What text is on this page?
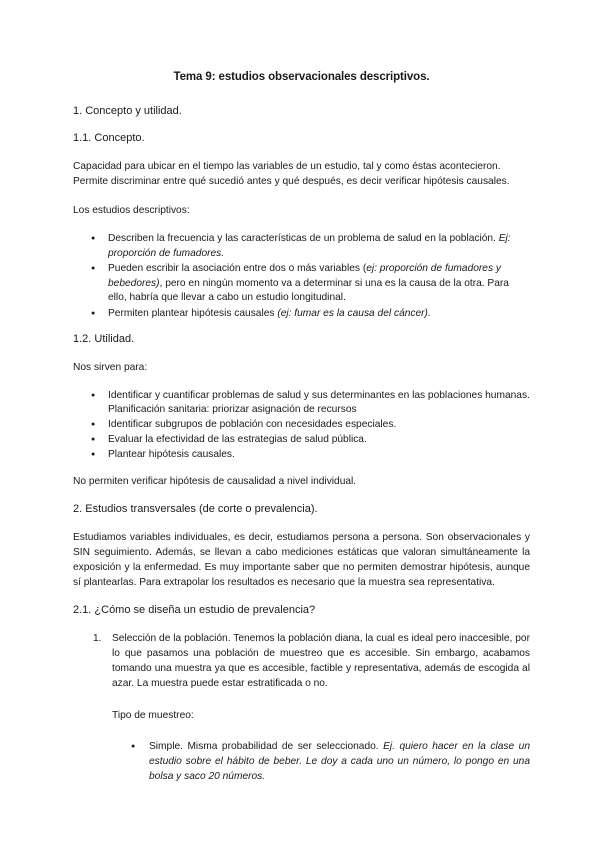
Tema 9: estudios observacionales descriptivos.
1. Concepto y utilidad.
1.1. Concepto.

Capacidad para ubicar en el tiempo las variables de un estudio, tal y como éstas acontecieron. Permite discriminar entre qué sucedió antes y qué después, es decir verificar hipótesis causales.

Los estudios descriptivos:

● Describen la frecuencia y las características de un problema de salud en la población. Ej: proporción de fumadores.
● Pueden escribir la asociación entre dos o más variables (ej: proporción de fumadores y bebedores), pero en ningún momento va a determinar si una es la causa de la otra. Para ello, habría que llevar a cabo un estudio longitudinal.
● Permiten plantear hipótesis causales (ej: fumar es la causa del cáncer).
1.2. Utilidad.

Nos sirven para:

● Identificar y cuantificar problemas de salud y sus determinantes en las poblaciones humanas. Planificación sanitaria: priorizar asignación de recursos
● Identificar subgrupos de población con necesidades especiales.
● Evaluar la efectividad de las estrategias de salud pública.
● Plantear hipótesis causales.

No permiten verificar hipótesis de causalidad a nivel individual.

2. Estudios transversales (de corte o prevalencia).

Estudiamos variables individuales, es decir, estudiamos persona a persona. Son observacionales y SIN seguimiento. Además, se llevan a cabo mediciones estáticas que valoran simultáneamente la exposición y la enfermedad. Es muy importante saber que no permiten demostrar hipótesis, aunque sí plantearlas. Para extrapolar los resultados es necesario que la muestra sea representativa.

2.1. ¿Cómo se diseña un estudio de prevalencia?
1. Selección de la población. Tenemos la población diana, la cual es ideal pero inaccesible, por lo que pasamos una población de muestreo que es accesible. Sin embargo, acabamos tomando una muestra ya que es accesible, factible y representativa, además de escogida al azar. La muestra puede estar estratificada o no.
Tipo de muestreo:
● Simple. Misma probabilidad de ser seleccionado. Ej. quiero hacer en la clase un estudio sobre el hábito de beber. Le doy a cada uno un número, lo pongo en una bolsa y saco 20 números.
